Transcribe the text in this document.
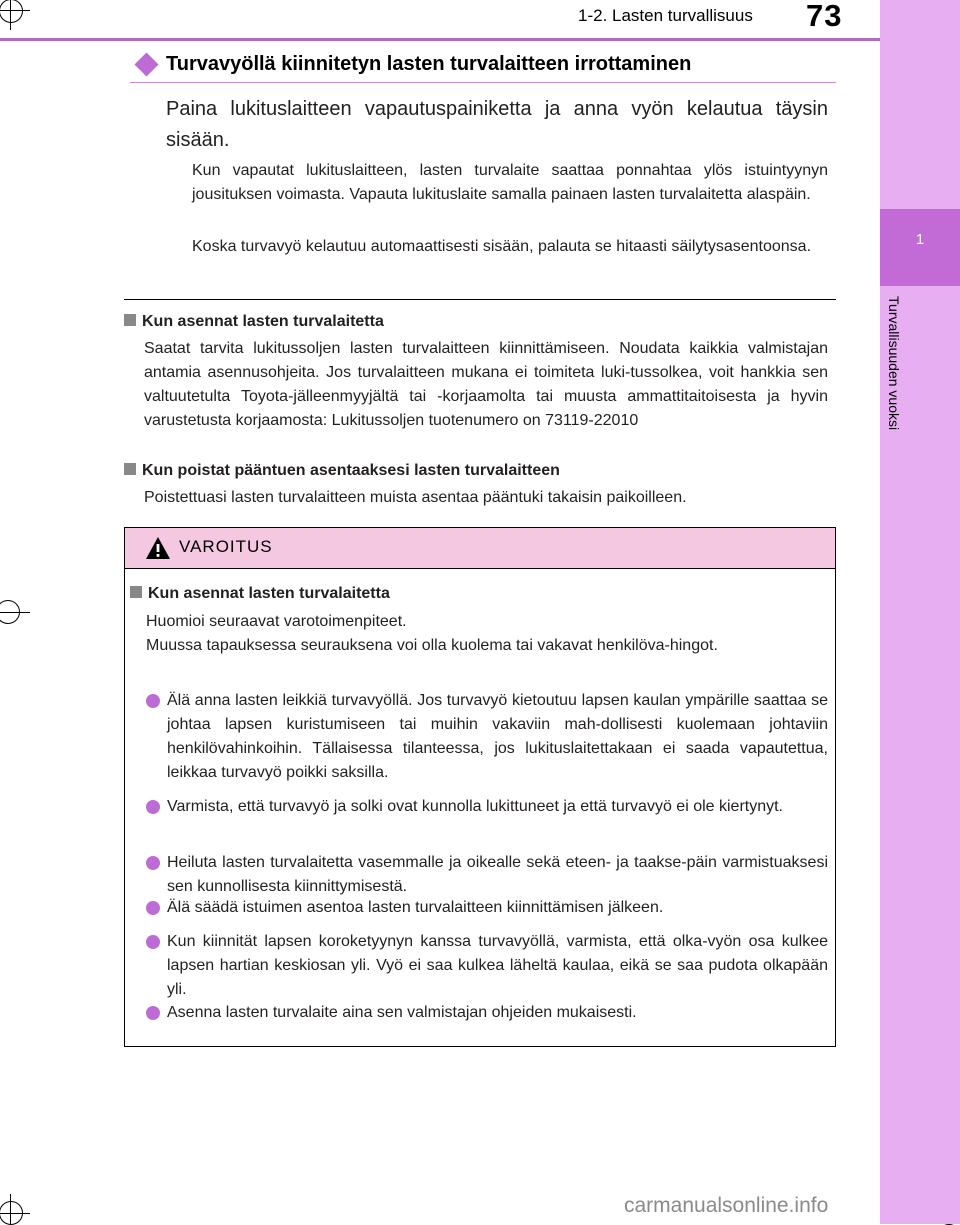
1
Turvallisuuden vuoksi
1-2. Lasten turvallisuus 73
Turvavyöllä kiinnitetyn lasten turvalaitteen irrottaminen
Paina lukituslaitteen vapautuspainiketta ja anna vyön kelautua täysin sisään.
Kun vapautat lukituslaitteen, lasten turvalaite saattaa ponnahtaa ylös istuintyynyn jousituksen voimasta. Vapauta lukituslaite samalla painaen lasten turvalaitetta alaspäin.
Koska turvavyö kelautuu automaattisesti sisään, palauta se hitaasti säilytysasentoonsa.
Kun asennat lasten turvalaitetta
Saatat tarvita lukitussoljen lasten turvalaitteen kiinnittämiseen. Noudata kaikkia valmistajan antamia asennusohjeita. Jos turvalaitteen mukana ei toimiteta luki-tussolkea, voit hankkia sen valtuutetulta Toyota-jälleenmyyjältä tai -korjaamolta tai muusta ammattitaitoisesta ja hyvin varustetusta korjaamosta: Lukitussoljen tuotenumero on 73119-22010
Kun poistat pääntuen asentaaksesi lasten turvalaitteen
Poistettuasi lasten turvalaitteen muista asentaa pääntuki takaisin paikoilleen.
VAROITUS
Kun asennat lasten turvalaitetta
Huomioi seuraavat varotoimenpiteet.
Muussa tapauksessa seurauksena voi olla kuolema tai vakavat henkilöva-hingot.
Älä anna lasten leikkiä turvavyöllä. Jos turvavyö kietoutuu lapsen kaulan ympärille saattaa se johtaa lapsen kuristumiseen tai muihin vakaviin mah-dollisesti kuolemaan johtaviin henkilövahinkoihin. Tällaisessa tilanteessa, jos lukituslaitettakaan ei saada vapautettua, leikkaa turvavyö poikki saksilla.
Varmista, että turvavyö ja solki ovat kunnolla lukittuneet ja että turvavyö ei ole kiertynyt.
Heiluta lasten turvalaitetta vasemmalle ja oikealle sekä eteen- ja taakse-päin varmistuaksesi sen kunnollisesta kiinnittymisestä.
Älä säädä istuimen asentoa lasten turvalaitteen kiinnittämisen jälkeen.
Kun kiinnität lapsen koroketyynyn kanssa turvavyöllä, varmista, että olka-vyön osa kulkee lapsen hartian keskiosan yli. Vyö ei saa kulkea läheltä kaulaa, eikä se saa pudota olkapään yli.
Asenna lasten turvalaite aina sen valmistajan ohjeiden mukaisesti.
carmanualsonline.info
